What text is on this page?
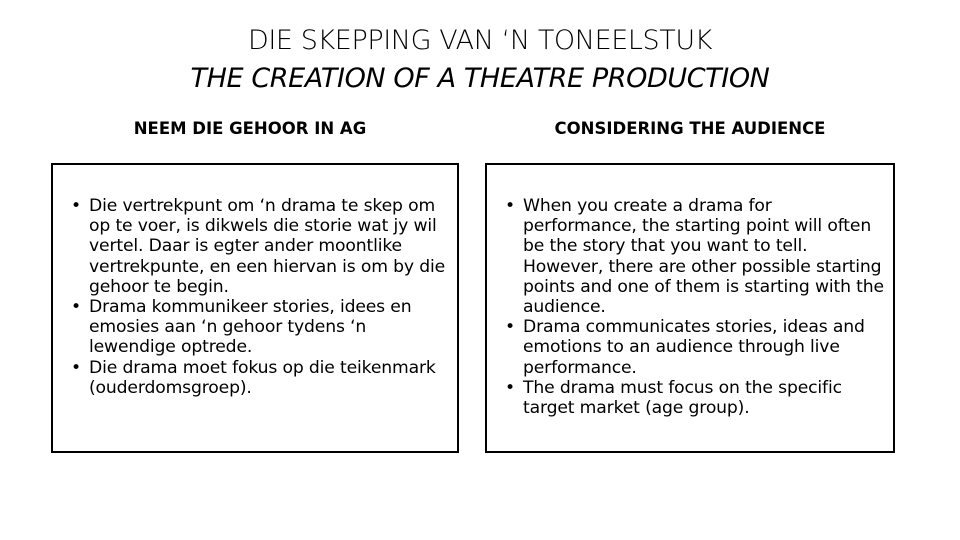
DIE SKEPPING VAN ‘N TONEELSTUK
THE CREATION OF A THEATRE PRODUCTION
NEEM DIE GEHOOR IN AG	CONSIDERING THE AUDIENCE
• Die vertrekpunt om ‘n drama te skep om op te voer, is dikwels die storie wat jy wil vertel. Daar is egter ander moontlike vertrekpunte, en een hiervan is om by die gehoor te begin.
• Drama kommunikeer stories, idees en emosies aan ‘n gehoor tydens ‘n lewendige optrede.
• Die drama moet fokus op die teikenmark (ouderdomsgroep).
• When you create a drama for performance, the starting point will often be the story that you want to tell. However, there are other possible starting points and one of them is starting with the audience.
• Drama communicates stories, ideas and emotions to an audience through live performance.
• The drama must focus on the specific target market (age group).
